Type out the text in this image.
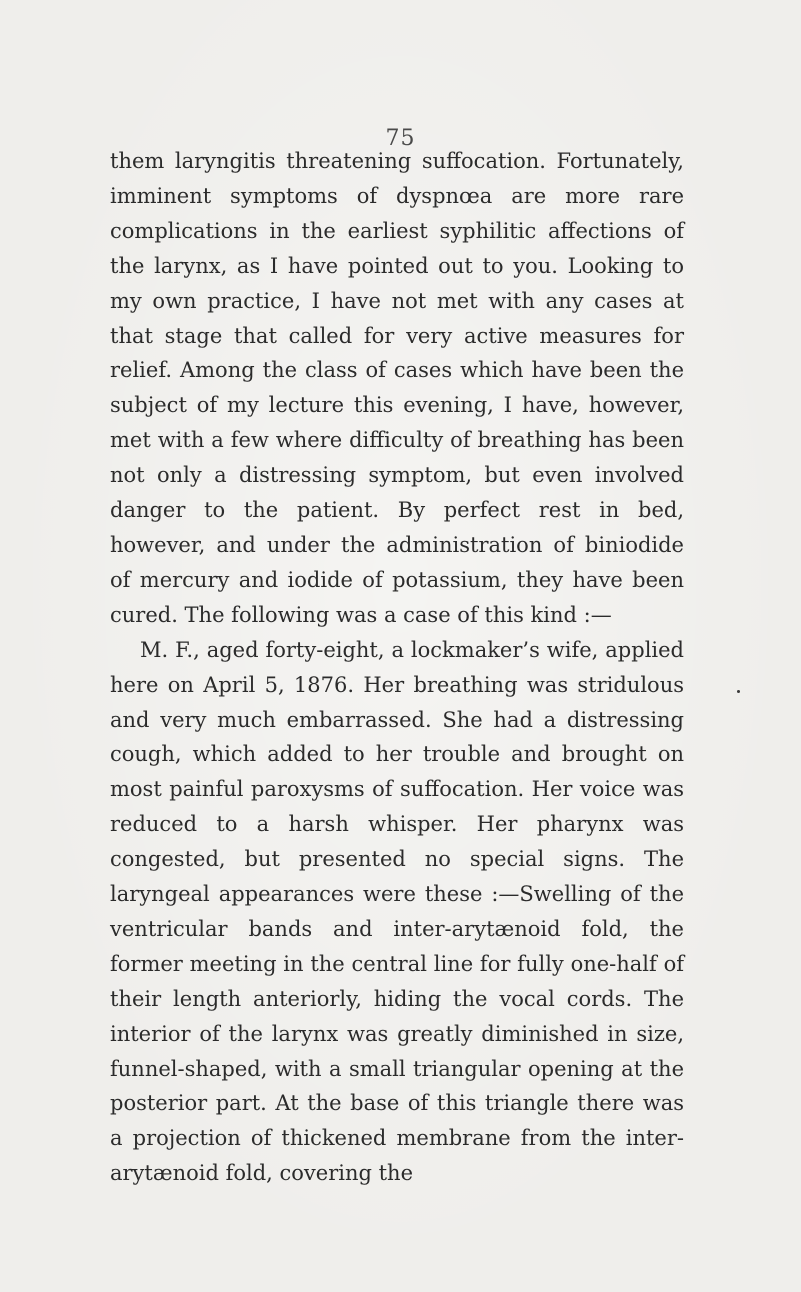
75

them laryngitis threatening suffocation. Fortunately, imminent symptoms of dyspnœa are more rare complications in the earliest syphilitic affections of the larynx, as I have pointed out to you. Looking to my own practice, I have not met with any cases at that stage that called for very active measures for relief. Among the class of cases which have been the subject of my lecture this evening, I have, however, met with a few where difficulty of breathing has been not only a distressing symptom, but even involved danger to the patient. By perfect rest in bed, however, and under the administration of biniodide of mercury and iodide of potassium, they have been cured. The following was a case of this kind :—

M. F., aged forty-eight, a lockmaker’s wife, applied here on April 5, 1876. Her breathing was stridulous and very much embarrassed. She had a distressing cough, which added to her trouble and brought on most painful paroxysms of suffocation. Her voice was reduced to a harsh whisper. Her pharynx was congested, but presented no special signs. The laryngeal appearances were these :—Swelling of the ventricular bands and inter-arytænoid fold, the former meeting in the central line for fully one-half of their length anteriorly, hiding the vocal cords. The interior of the larynx was greatly diminished in size, funnel-shaped, with a small triangular opening at the posterior part. At the base of this triangle there was a projection of thickened membrane from the inter-arytænoid fold, covering the
